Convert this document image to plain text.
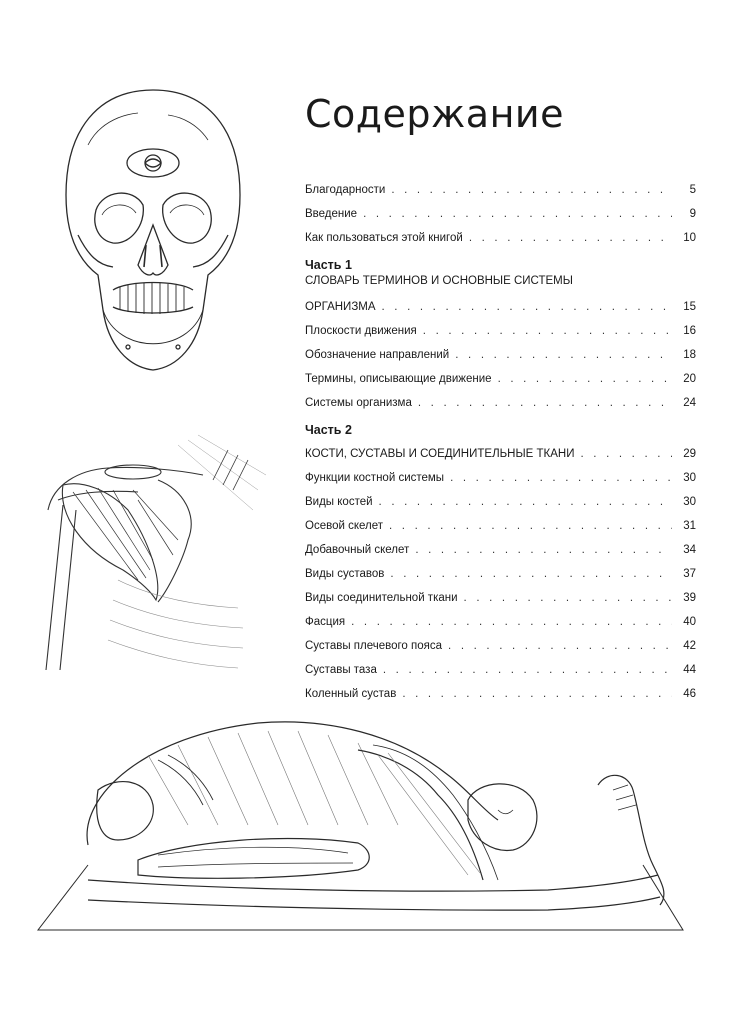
Содержание
Благодарности . . .	5
Введение . . .	9
Как пользоваться этой книгой . . .	10
Часть 1
СЛОВАРЬ ТЕРМИНОВ И ОСНОВНЫЕ СИСТЕМЫ
ОРГАНИЗМА . . .	15
Плоскости движения . . .	16
Обозначение направлений . . .	18
Термины, описывающие движение . . .	20
Системы организма . . .	24
Часть 2
КОСТИ, СУСТАВЫ И СОЕДИНИТЕЛЬНЫЕ ТКАНИ . . .	29
Функции костной системы . . .	30
Виды костей . . .	30
Осевой скелет . . .	31
Добавочный скелет . . .	34
Виды суставов . . .	37
Виды соединительной ткани . . .	39
Фасция . . .	40
Суставы плечевого пояса . . .	42
Суставы таза . . .	44
Коленный сустав . . .	46
